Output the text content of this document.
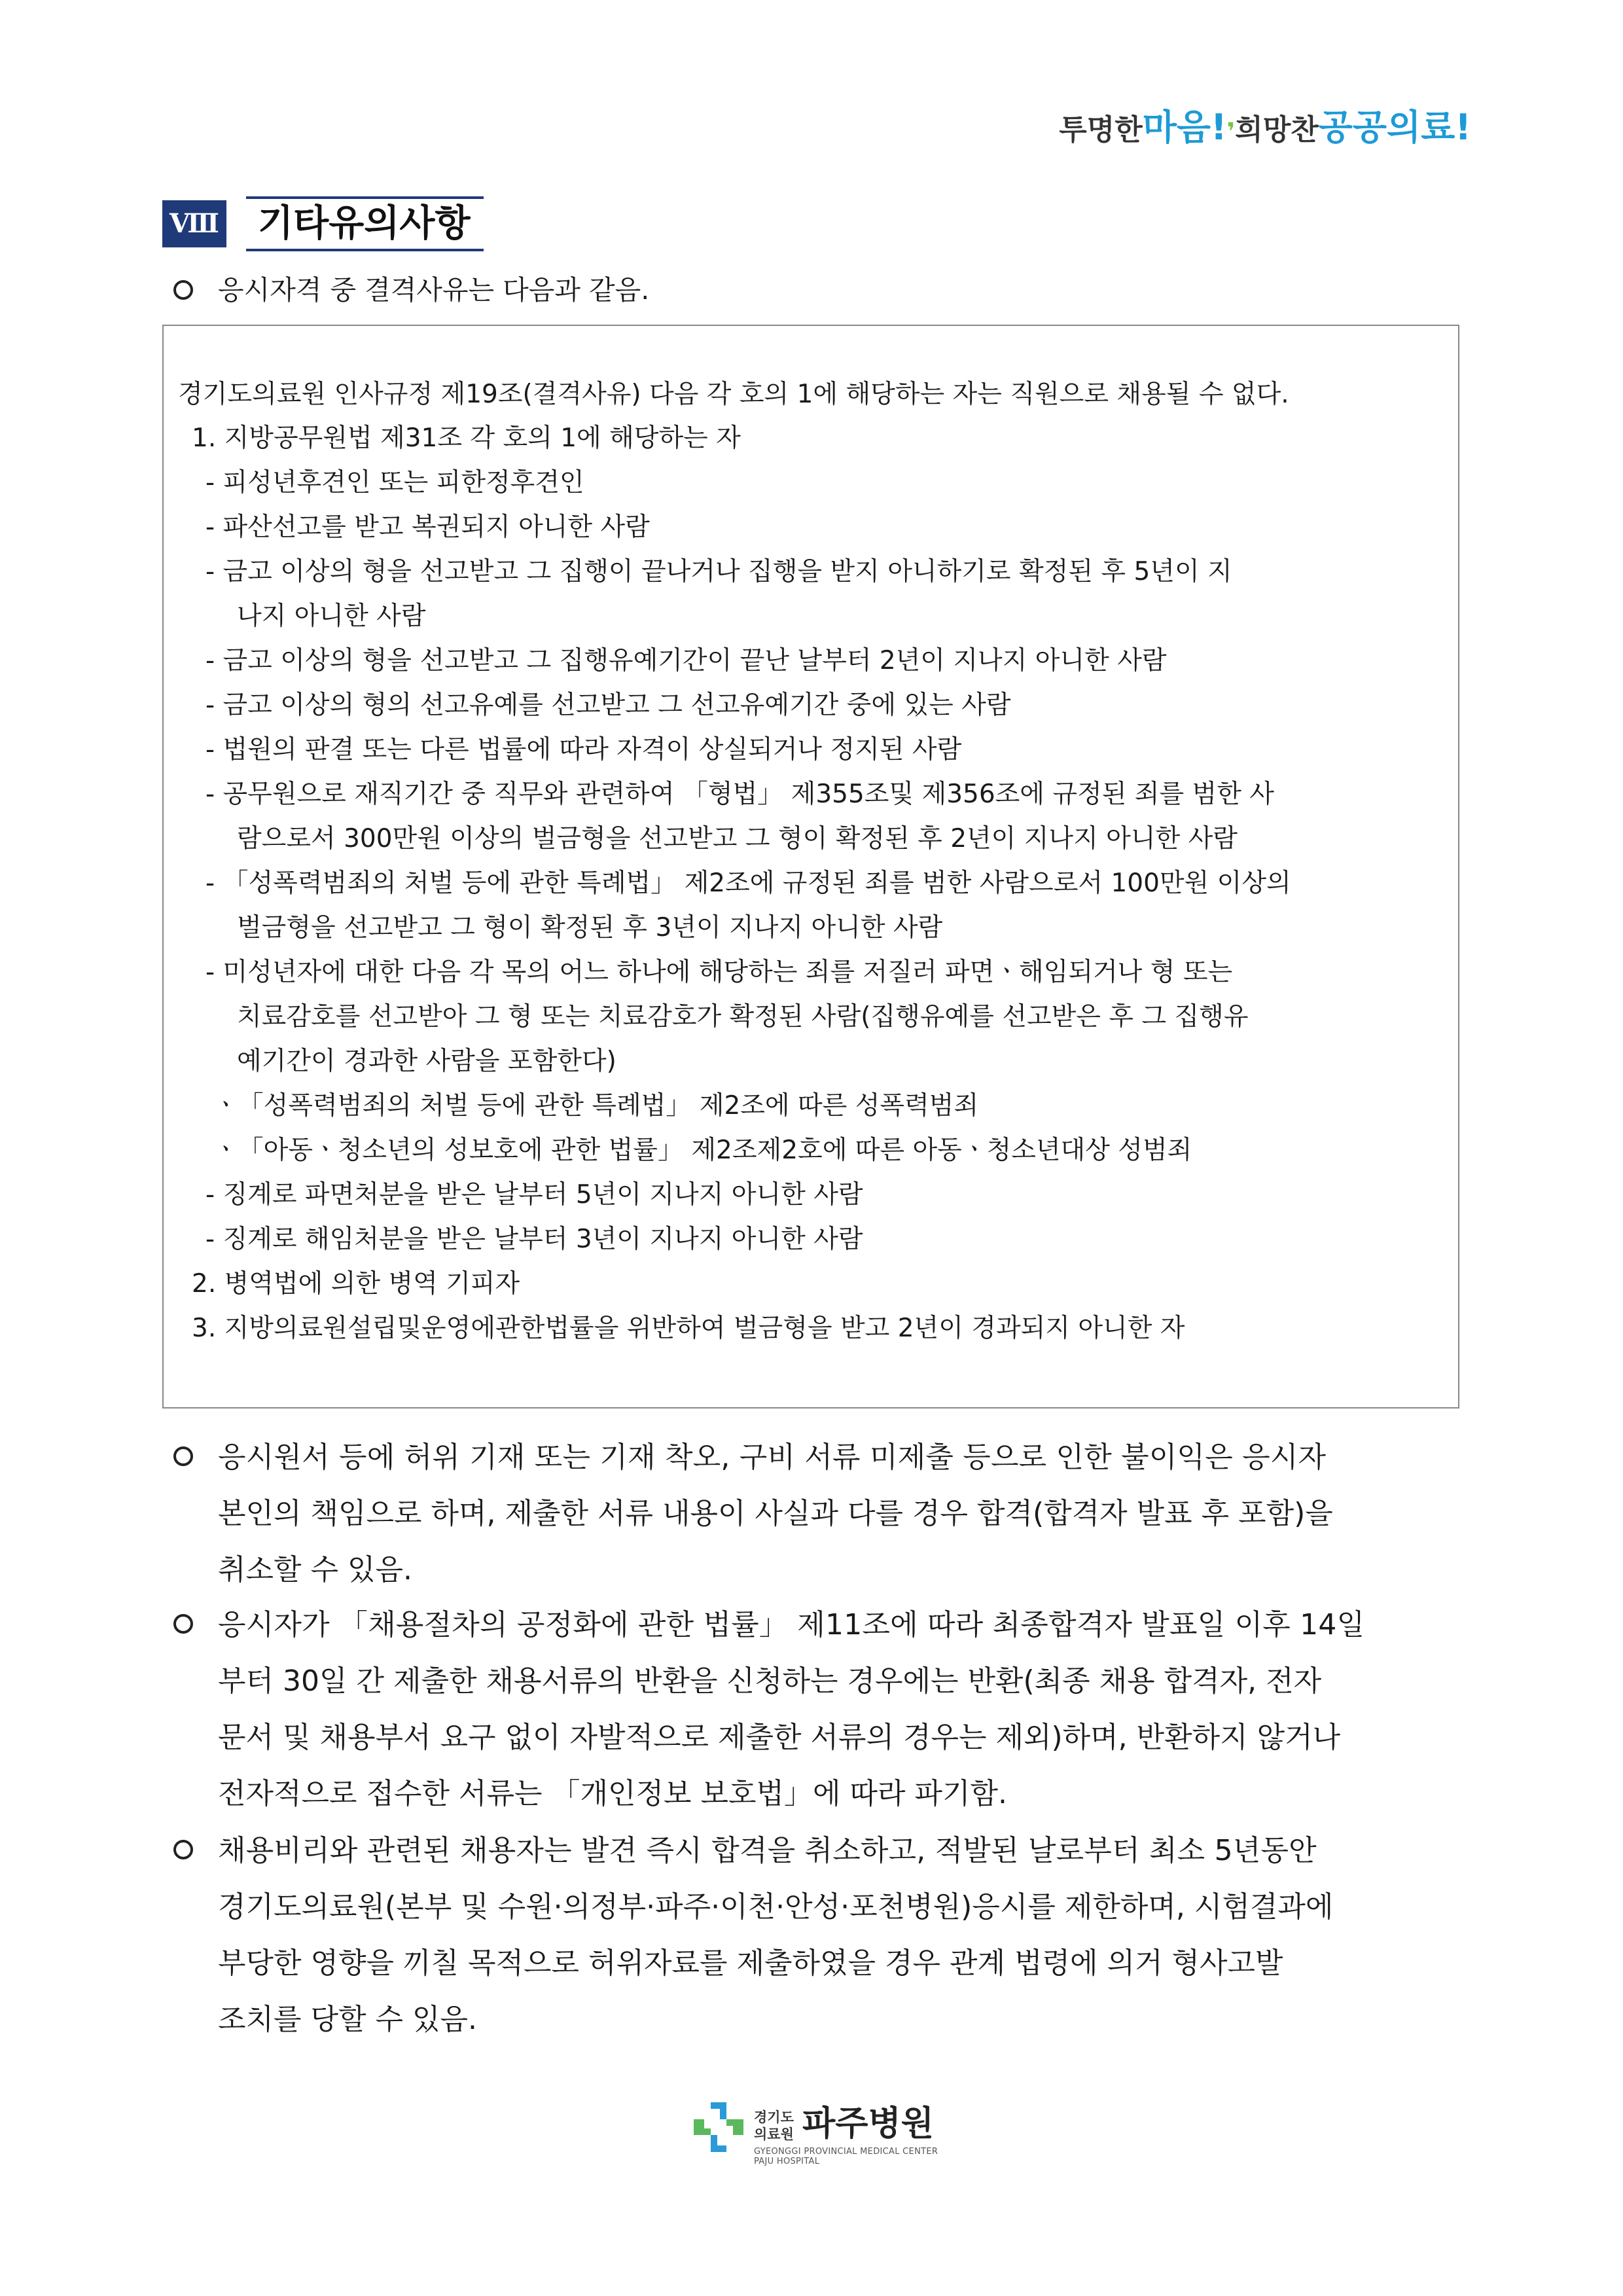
투명한마음!❜희망찬공공의료!
Ⅷ	기타유의사항
응시자격 중 결격사유는 다음과 같음.
경기도의료원 인사규정 제19조(결격사유) 다음 각 호의 1에 해당하는 자는 직원으로 채용될 수 없다.
1. 지방공무원법 제31조 각 호의 1에 해당하는 자
- 피성년후견인 또는 피한정후견인
- 파산선고를 받고 복권되지 아니한 사람
- 금고 이상의 형을 선고받고 그 집행이 끝나거나 집행을 받지 아니하기로 확정된 후 5년이 지
나지 아니한 사람
- 금고 이상의 형을 선고받고 그 집행유예기간이 끝난 날부터 2년이 지나지 아니한 사람
- 금고 이상의 형의 선고유예를 선고받고 그 선고유예기간 중에 있는 사람
- 법원의 판결 또는 다른 법률에 따라 자격이 상실되거나 정지된 사람
- 공무원으로 재직기간 중 직무와 관련하여 「형법」 제355조및 제356조에 규정된 죄를 범한 사
람으로서 300만원 이상의 벌금형을 선고받고 그 형이 확정된 후 2년이 지나지 아니한 사람
- 「성폭력범죄의 처벌 등에 관한 특례법」 제2조에 규정된 죄를 범한 사람으로서 100만원 이상의
벌금형을 선고받고 그 형이 확정된 후 3년이 지나지 아니한 사람
- 미성년자에 대한 다음 각 목의 어느 하나에 해당하는 죄를 저질러 파면ㆍ해임되거나 형 또는
치료감호를 선고받아 그 형 또는 치료감호가 확정된 사람(집행유예를 선고받은 후 그 집행유
예기간이 경과한 사람을 포함한다)
ㆍ「성폭력범죄의 처벌 등에 관한 특례법」 제2조에 따른 성폭력범죄
ㆍ「아동ㆍ청소년의 성보호에 관한 법률」 제2조제2호에 따른 아동ㆍ청소년대상 성범죄
- 징계로 파면처분을 받은 날부터 5년이 지나지 아니한 사람
- 징계로 해임처분을 받은 날부터 3년이 지나지 아니한 사람
2. 병역법에 의한 병역 기피자
3. 지방의료원설립및운영에관한법률을 위반하여 벌금형을 받고 2년이 경과되지 아니한 자
응시원서 등에 허위 기재 또는 기재 착오, 구비 서류 미제출 등으로 인한 불이익은 응시자
본인의 책임으로 하며, 제출한 서류 내용이 사실과 다를 경우 합격(합격자 발표 후 포함)을
취소할 수 있음.
응시자가 「채용절차의 공정화에 관한 법률」 제11조에 따라 최종합격자 발표일 이후 14일
부터 30일 간 제출한 채용서류의 반환을 신청하는 경우에는 반환(최종 채용 합격자, 전자
문서 및 채용부서 요구 없이 자발적으로 제출한 서류의 경우는 제외)하며, 반환하지 않거나
전자적으로 접수한 서류는 「개인정보 보호법」에 따라 파기함.
채용비리와 관련된 채용자는 발견 즉시 합격을 취소하고, 적발된 날로부터 최소 5년동안
경기도의료원(본부 및 수원·의정부·파주·이천·안성·포천병원)응시를 제한하며, 시험결과에
부당한 영향을 끼칠 목적으로 허위자료를 제출하였을 경우 관계 법령에 의거 형사고발
조치를 당할 수 있음.
경기도
의료원 파주병원
GYEONGGI PROVINCIAL MEDICAL CENTER
PAJU HOSPITAL
